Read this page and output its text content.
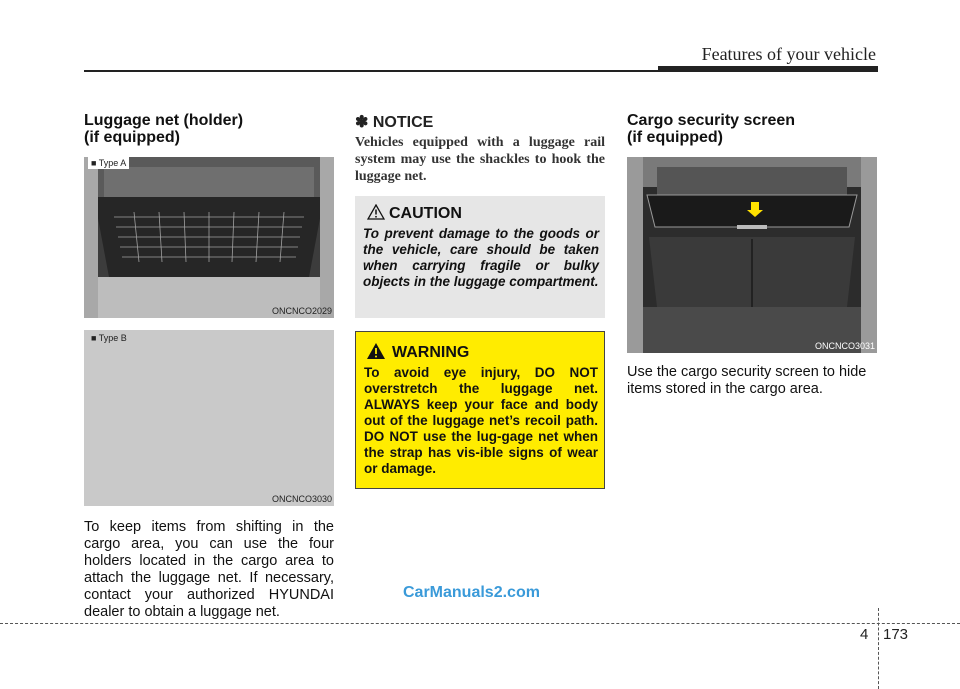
Features of your vehicle
Luggage net (holder)
(if equipped)
■ Type A
ONCNCO2029
■ Type B
ONCNCO3030
To keep items from shifting in the cargo area, you can use the four holders located in the cargo area to attach the luggage net. If necessary, contact your authorized HYUNDAI dealer to obtain a luggage net.
✽ NOTICE
Vehicles equipped with a luggage rail system may use the shackles to hook the luggage net.
CAUTION
To prevent damage to the goods or the vehicle, care should be taken when carrying fragile or bulky objects in the luggage compartment.
WARNING
To avoid eye injury, DO NOT overstretch the luggage net. ALWAYS keep your face and body out of the luggage net’s recoil path. DO NOT use the lug-gage net when the strap has vis-ible signs of wear or damage.
Cargo security screen
(if equipped)
ONCNCO3031
Use the cargo security screen to hide items stored in the cargo area.
CarManuals2.com
4 173
